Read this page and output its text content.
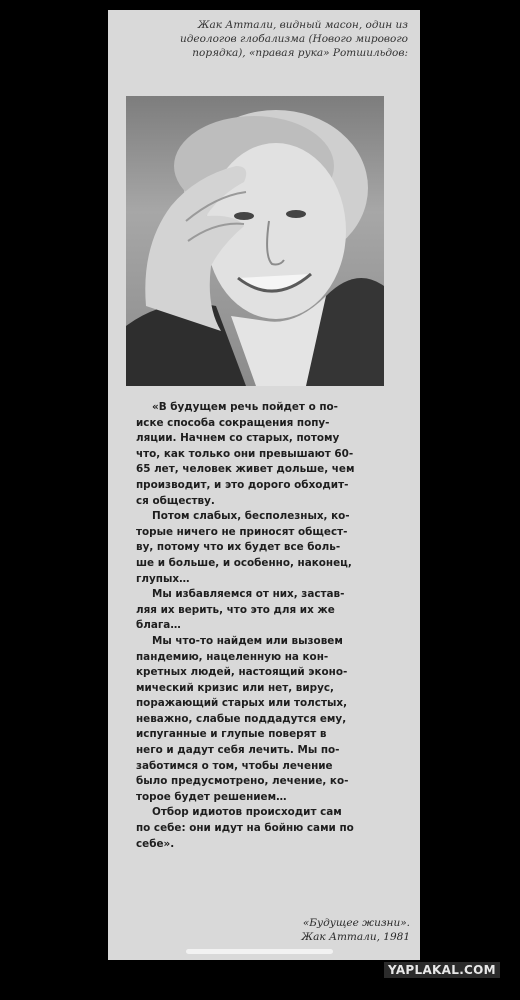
Жак Аттали, видный масон, один из идеологов глобализма (Нового мирового порядка), «правая рука» Ротшильдов:

«В будущем речь пойдет о по-
иске способа сокращения попу-
ляции. Начнем со старых, потому
что, как только они превышают 60-
65 лет, человек живет дольше, чем
производит, и это дорого обходит-
ся обществу.

Потом слабых, бесполезных, ко-
торые ничего не приносят общест-
ву, потому что их будет все боль-
ше и больше, и особенно, наконец,
глупых…

Мы избавляемся от них, застав-
ляя их верить, что это для их же
блага…

Мы что-то найдем или вызовем
пандемию, нацеленную на кон-
кретных людей, настоящий эконо-
мический кризис или нет, вирус,
поражающий старых или толстых,
неважно, слабые поддадутся ему,
испуганные и глупые поверят в
него и дадут себя лечить. Мы по-
заботимся о том, чтобы лечение
было предусмотрено, лечение, ко-
торое будет решением…

Отбор идиотов происходит сам
по себе: они идут на бойню сами по
себе».

«Будущее жизни».
Жак Аттали, 1981
YAPLAKAL.COM
